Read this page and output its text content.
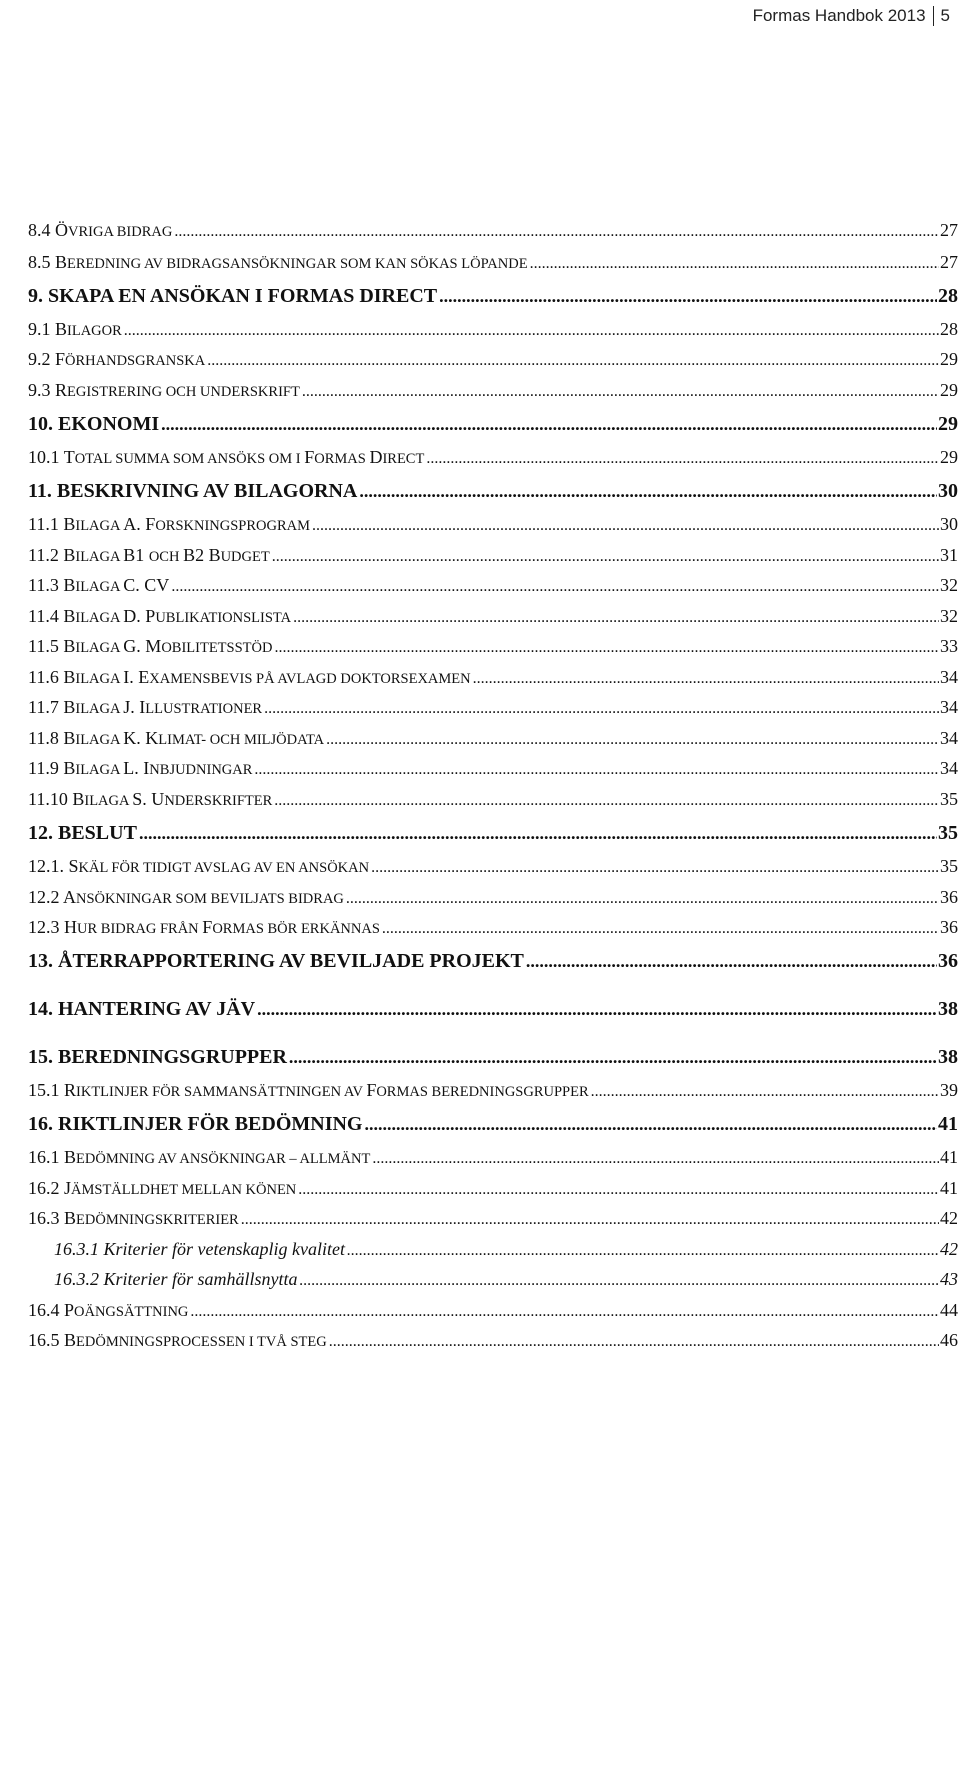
Formas Handbok 2013 5
8.4 ÖVRIGA BIDRAG .....	27
8.5 BEREDNING AV BIDRAGSANSÖKNINGAR SOM KAN SÖKAS LÖPANDE .....	27
9. SKAPA EN ANSÖKAN I FORMAS DIRECT .....	28
9.1 BILAGOR .....	28
9.2 FÖRHANDSGRANSKA .....	29
9.3 REGISTRERING OCH UNDERSKRIFT .....	29
10. EKONOMI .....	29
10.1 TOTAL SUMMA SOM ANSÖKS OM I FORMAS DIRECT .....	29
11. BESKRIVNING AV BILAGORNA .....	30
11.1 BILAGA A. FORSKNINGSPROGRAM .....	30
11.2 BILAGA B1 OCH B2 BUDGET .....	31
11.3 BILAGA C. CV .....	32
11.4 BILAGA D. PUBLIKATIONSLISTA .....	32
11.5 BILAGA G. MOBILITETSSTÖD .....	33
11.6 BILAGA I. EXAMENSBEVIS PÅ AVLAGD DOKTORSEXAMEN .....	34
11.7 BILAGA J. ILLUSTRATIONER .....	34
11.8 BILAGA K. KLIMAT- OCH MILJÖDATA .....	34
11.9 BILAGA L. INBJUDNINGAR .....	34
11.10 BILAGA S. UNDERSKRIFTER .....	35
12. BESLUT .....	35
12.1. SKÄL FÖR TIDIGT AVSLAG AV EN ANSÖKAN .....	35
12.2 ANSÖKNINGAR SOM BEVILJATS BIDRAG .....	36
12.3 HUR BIDRAG FRÅN FORMAS BÖR ERKÄNNAS .....	36
13. ÅTERRAPPORTERING AV BEVILJADE PROJEKT .....	36
14. HANTERING AV JÄV .....	38
15. BEREDNINGSGRUPPER .....	38
15.1 RIKTLINJER FÖR SAMMANSÄTTNINGEN AV FORMAS BEREDNINGSGRUPPER .....	39
16. RIKTLINJER FÖR BEDÖMNING .....	41
16.1 BEDÖMNING AV ANSÖKNINGAR – ALLMÄNT .....	41
16.2 JÄMSTÄLLDHET MELLAN KÖNEN .....	41
16.3 BEDÖMNINGSKRITERIER .....	42
16.3.1 Kriterier för vetenskaplig kvalitet .....	42
16.3.2 Kriterier för samhällsnytta .....	43
16.4 POÄNGSÄTTNING .....	44
16.5 BEDÖMNINGSPROCESSEN I TVÅ STEG .....	46
